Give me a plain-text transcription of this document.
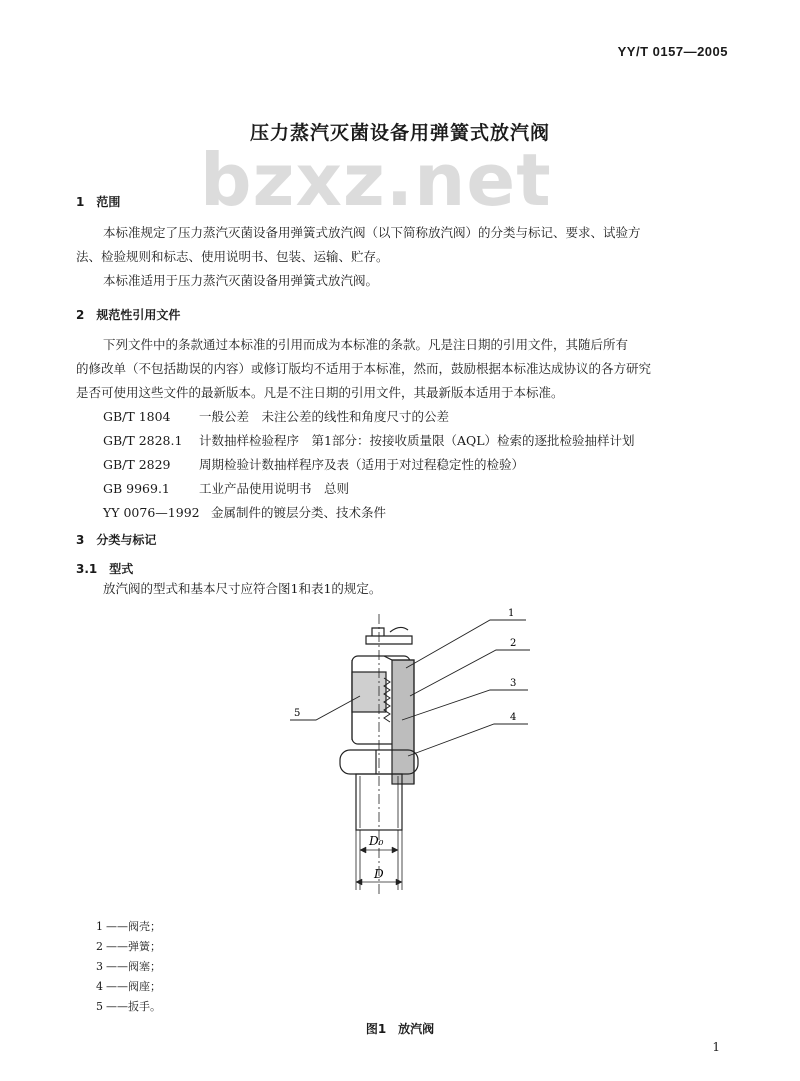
YY/T 0157—2005
bzxz.net
压力蒸汽灭菌设备用弹簧式放汽阀
1　范围
本标准规定了压力蒸汽灭菌设备用弹簧式放汽阀（以下简称放汽阀）的分类与标记、要求、试验方
法、检验规则和标志、使用说明书、包装、运输、贮存。
本标准适用于压力蒸汽灭菌设备用弹簧式放汽阀。
2　规范性引用文件
下列文件中的条款通过本标准的引用而成为本标准的条款。凡是注日期的引用文件，其随后所有
的修改单（不包括勘误的内容）或修订版均不适用于本标准，然而，鼓励根据本标准达成协议的各方研究
是否可使用这些文件的最新版本。凡是不注日期的引用文件，其最新版本适用于本标准。
GB/T 1804 一般公差　未注公差的线性和角度尺寸的公差
GB/T 2828.1 计数抽样检验程序　第1部分：按接收质量限（AQL）检索的逐批检验抽样计划
GB/T 2829 周期检验计数抽样程序及表（适用于对过程稳定性的检验）
GB 9969.1 工业产品使用说明书　总则
YY 0076—1992 金属制件的镀层分类、技术条件
3　分类与标记
3.1　型式
放汽阀的型式和基本尺寸应符合图1和表1的规定。
1
2
3
4
5
D₀
D
1 ——阀壳；
2 ——弹簧；
3 ——阀塞；
4 ——阀座；
5 ——扳手。
图1　放汽阀
1
